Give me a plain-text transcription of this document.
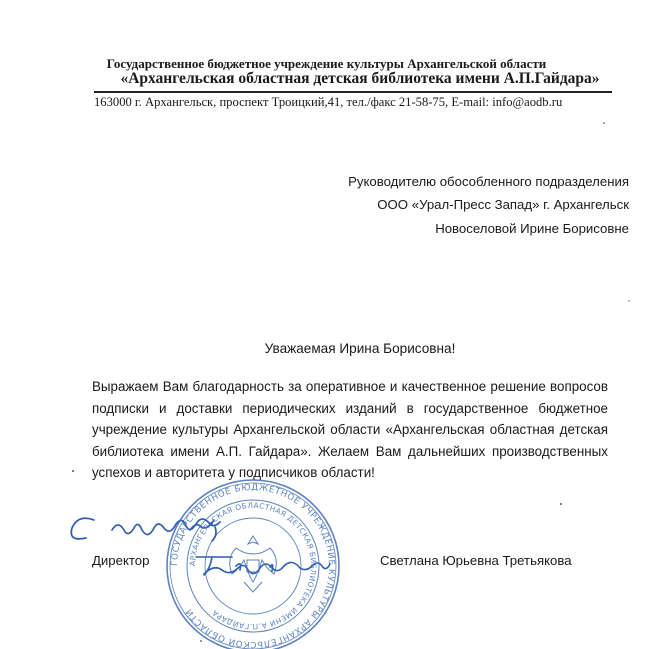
Государственное бюджетное учреждение культуры Архангельской области
«Архангельская областная детская библиотека имени А.П.Гайдара»
163000 г. Архангельск, проспект Троицкий,41, тел./факс 21-58-75, E-mail: info@aodb.ru
Руководителю обособленного подразделения
ООО «Урал-Пресс Запад» г. Архангельск
Новоселовой Ирине Борисовне
Уважаемая Ирина Борисовна!
Выражаем Вам благодарность за оперативное и качественное решение вопросов подписки и доставки периодических изданий в государственное бюджетное учреждение культуры Архангельской области «Архангельская областная детская библиотека имени А.П. Гайдара». Желаем Вам дальнейших производственных успехов и авторитета у подписчиков области!
Директор	Светлана Юрьевна Третьякова
ГОСУДАРСТВЕННОЕ БЮДЖЕТНОЕ УЧРЕЖДЕНИЕ КУЛЬТУРЫ АРХАНГЕЛЬСКОЙ ОБЛАСТИ
АРХАНГЕЛЬСКАЯ ОБЛАСТНАЯ ДЕТСКАЯ БИБЛИОТЕКА ИМЕНИ А.П.ГАЙДАРА
